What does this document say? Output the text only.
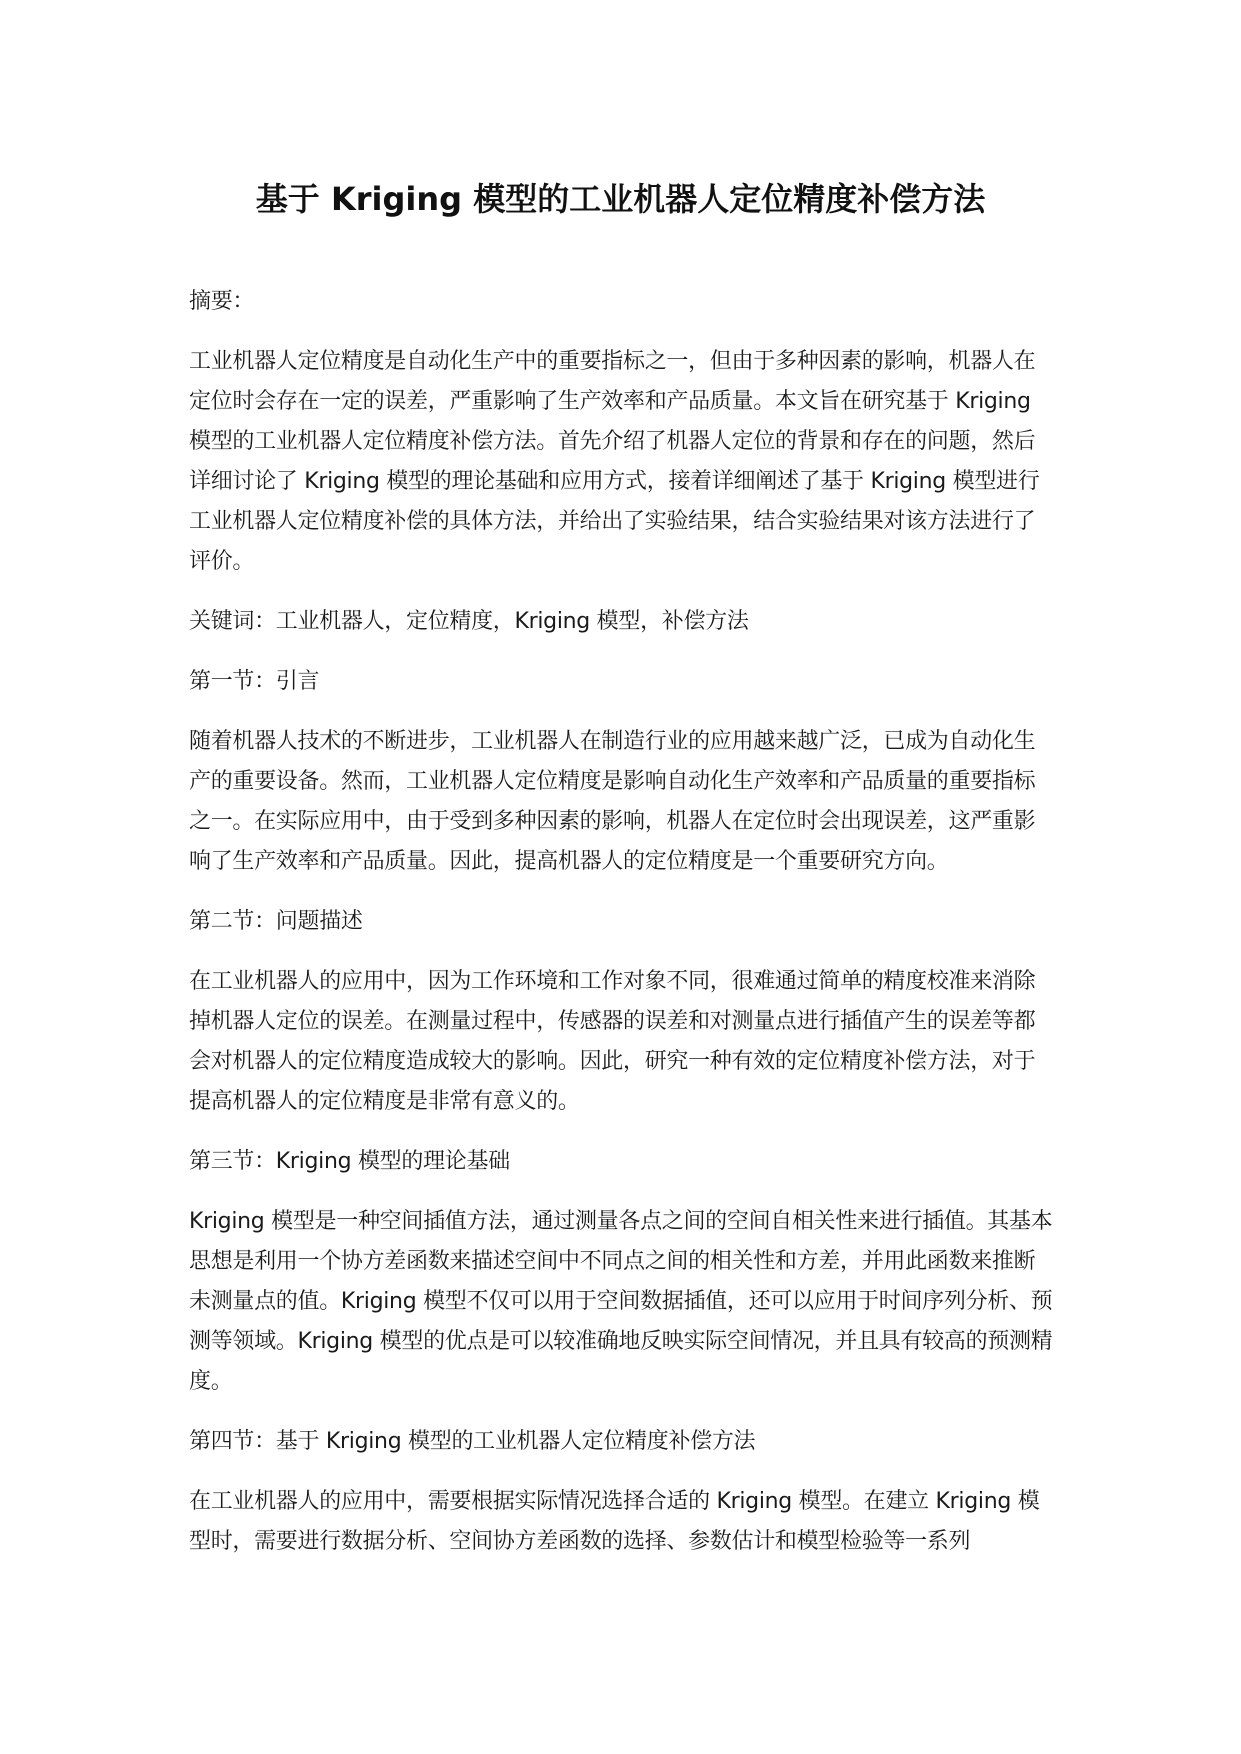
基于 Kriging 模型的工业机器人定位精度补偿方法

摘要：

工业机器人定位精度是自动化生产中的重要指标之一，但由于多种因素的影响，机器人在定位时会存在一定的误差，严重影响了生产效率和产品质量。本文旨在研究基于 Kriging 模型的工业机器人定位精度补偿方法。首先介绍了机器人定位的背景和存在的问题，然后详细讨论了 Kriging 模型的理论基础和应用方式，接着详细阐述了基于 Kriging 模型进行工业机器人定位精度补偿的具体方法，并给出了实验结果，结合实验结果对该方法进行了评价。

关键词：工业机器人，定位精度，Kriging 模型，补偿方法

第一节：引言

随着机器人技术的不断进步，工业机器人在制造行业的应用越来越广泛，已成为自动化生产的重要设备。然而，工业机器人定位精度是影响自动化生产效率和产品质量的重要指标之一。在实际应用中，由于受到多种因素的影响，机器人在定位时会出现误差，这严重影响了生产效率和产品质量。因此，提高机器人的定位精度是一个重要研究方向。

第二节：问题描述

在工业机器人的应用中，因为工作环境和工作对象不同，很难通过简单的精度校准来消除掉机器人定位的误差。在测量过程中，传感器的误差和对测量点进行插值产生的误差等都会对机器人的定位精度造成较大的影响。因此，研究一种有效的定位精度补偿方法，对于提高机器人的定位精度是非常有意义的。

第三节：Kriging 模型的理论基础

Kriging 模型是一种空间插值方法，通过测量各点之间的空间自相关性来进行插值。其基本思想是利用一个协方差函数来描述空间中不同点之间的相关性和方差，并用此函数来推断未测量点的值。Kriging 模型不仅可以用于空间数据插值，还可以应用于时间序列分析、预测等领域。Kriging 模型的优点是可以较准确地反映实际空间情况，并且具有较高的预测精度。

第四节：基于 Kriging 模型的工业机器人定位精度补偿方法

在工业机器人的应用中，需要根据实际情况选择合适的 Kriging 模型。在建立 Kriging 模型时，需要进行数据分析、空间协方差函数的选择、参数估计和模型检验等一系列
